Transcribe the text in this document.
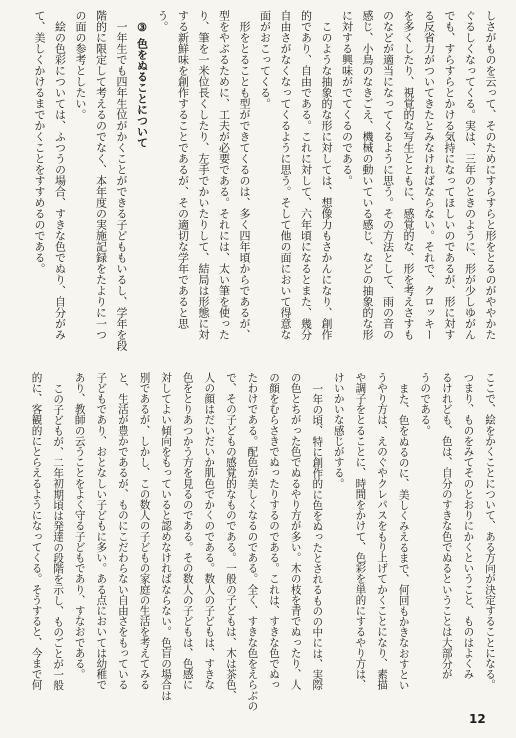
しさがものを云って、そのためにすらすらと形をとるのがややかた
ぐるしくなってくる。実は、三年のときのように、形が少しゆがん
でも、すらすらとかける気持になってほしいのであるが、形に対す
る反省力がついてきたとみなければならない。それで、クロッキー
を多くしたり、視覚的な写生とともに、感覚的な、形を考えさすも
のなどが適当になってくるように思う。その方法として、雨の音の
感じ、小鳥のなきごえ、機械の動いている感じ、などの抽象的な形
に対する興味がでてくるのである。
このような抽象的な形に対しては、想像力もさかんになり、創作
的であり、自由である。これに対して、六年頃になるとまた、幾分
自由さがなくなってくるように思う。そして他の面において得意な
面がおこってくる。
形をとることも型ができてくるのは、多く四年頃からであるが、
型をやぶるために、工夫が必要である。それには、太い筆を使った
り、筆を一米位長くしたり、左手でかいたりして、結局は形態に対
する新鮮味を創作することであるが、その適切な学年であると思
う。
③ 色をぬることについて
一年生でも四年生位がかくことができる子どももいるし、学年を段
階的に限定して考えるのでなく、本年度の実施記録をたよりに一つ
の面の参考としたい。
絵の色彩については、ふつうの場合、すきな色でぬり、自分がみ
て、美しくかけるまでかくことをすすめるのである。
ここで、絵をかくことについて、ある方向が決定することになる。
つまり、ものをみてそのとおりにかくということ、ものはよくみ
るけれども、色は、自分のすきな色でぬるということは大部分が
うのである。
また、色をぬるのに、美しくみえるまで、何回もかきなおすとい
うやり方は、えのぐやクレパスをもり上げてかくことになり、素描
や調子をとることに、時間をかけて、色彩を単的にするやり方は、
けいかいな感じがする。
一年の頃、特に創作的に色をぬったとされるものの中には、実際
の色とちがった色でぬるやり方が多い。木の枝を青でぬったり、人
の顔をむらさきでぬったりするのである。これは、すきな色でぬっ
たわけである。配色が美しくなるのである。全く、すきな色をえらぶの
で、その子どもの感覚的なものである。一般の子どもは、木は茶色、
人の顔はだいだいか肌色でかくのである。数人の子どもは、すきな
色をとりあつかう方を見るのである。その数人の子どもは、色感に
対してよい傾向をもっていると認めなければならない。色盲の場合は
別であるが、しかし、この数人の子どもの家庭の生活を考えてみる
と、生活が豊かであるが、ものにこだわらない自由さをもっている
子どもであり、おとなしい子どもに多い。ある点においては幼稚で
あり、教師の云うことをよく守る子どもであり、すなおである。
この子どもが、二年初期頃は発達の段階を示し、ものごとが一般
的に、客観的にとらえるようになってくる。そうすると、今まで何
12
